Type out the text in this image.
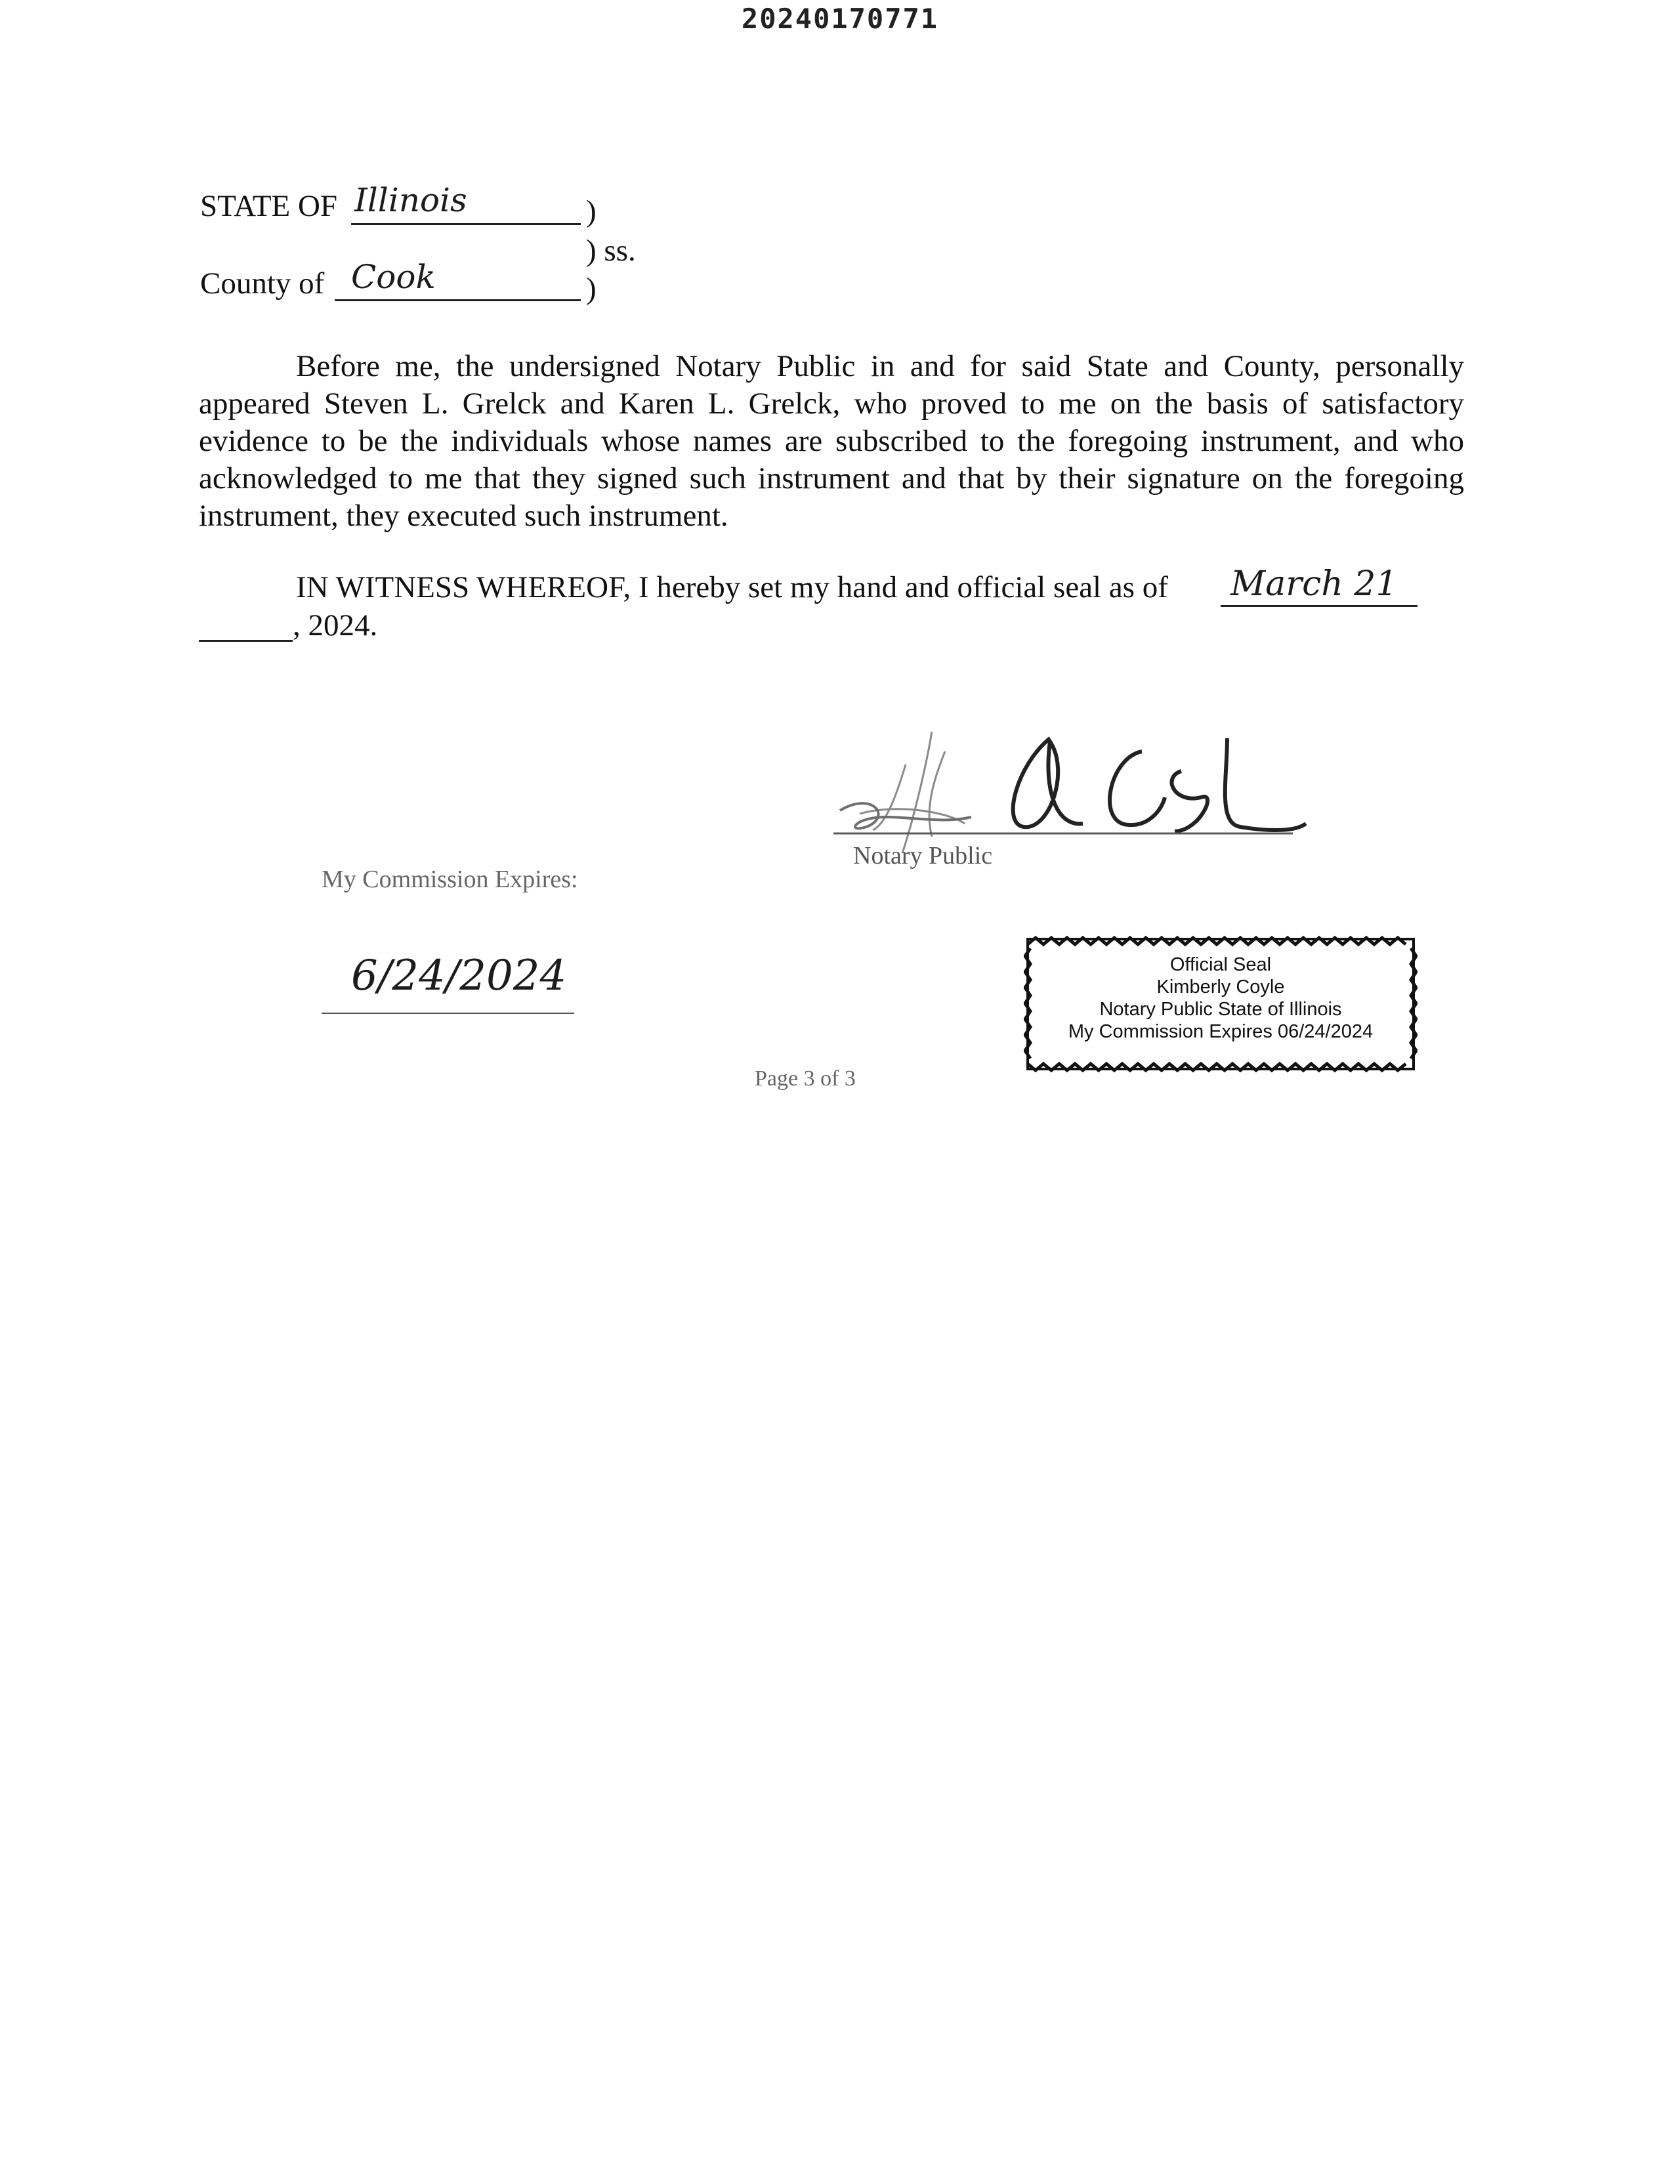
20240170771
STATE OF Illinois	)
) ss.
County of Cook	)

Before me, the undersigned Notary Public in and for said State and County, personally appeared Steven L. Grelck and Karen L. Grelck, who proved to me on the basis of satisfactory evidence to be the individuals whose names are subscribed to the foregoing instrument, and who acknowledged to me that they signed such instrument and that by their signature on the foregoing instrument, they executed such instrument.

IN WITNESS WHEREOF, I hereby set my hand and official seal as of March 21
, 2024.
Notary Public
My Commission Expires:
6/24/2024	Official Seal
Kimberly Coyle
Notary Public State of Illinois
My Commission Expires 06/24/2024
Page 3 of 3
